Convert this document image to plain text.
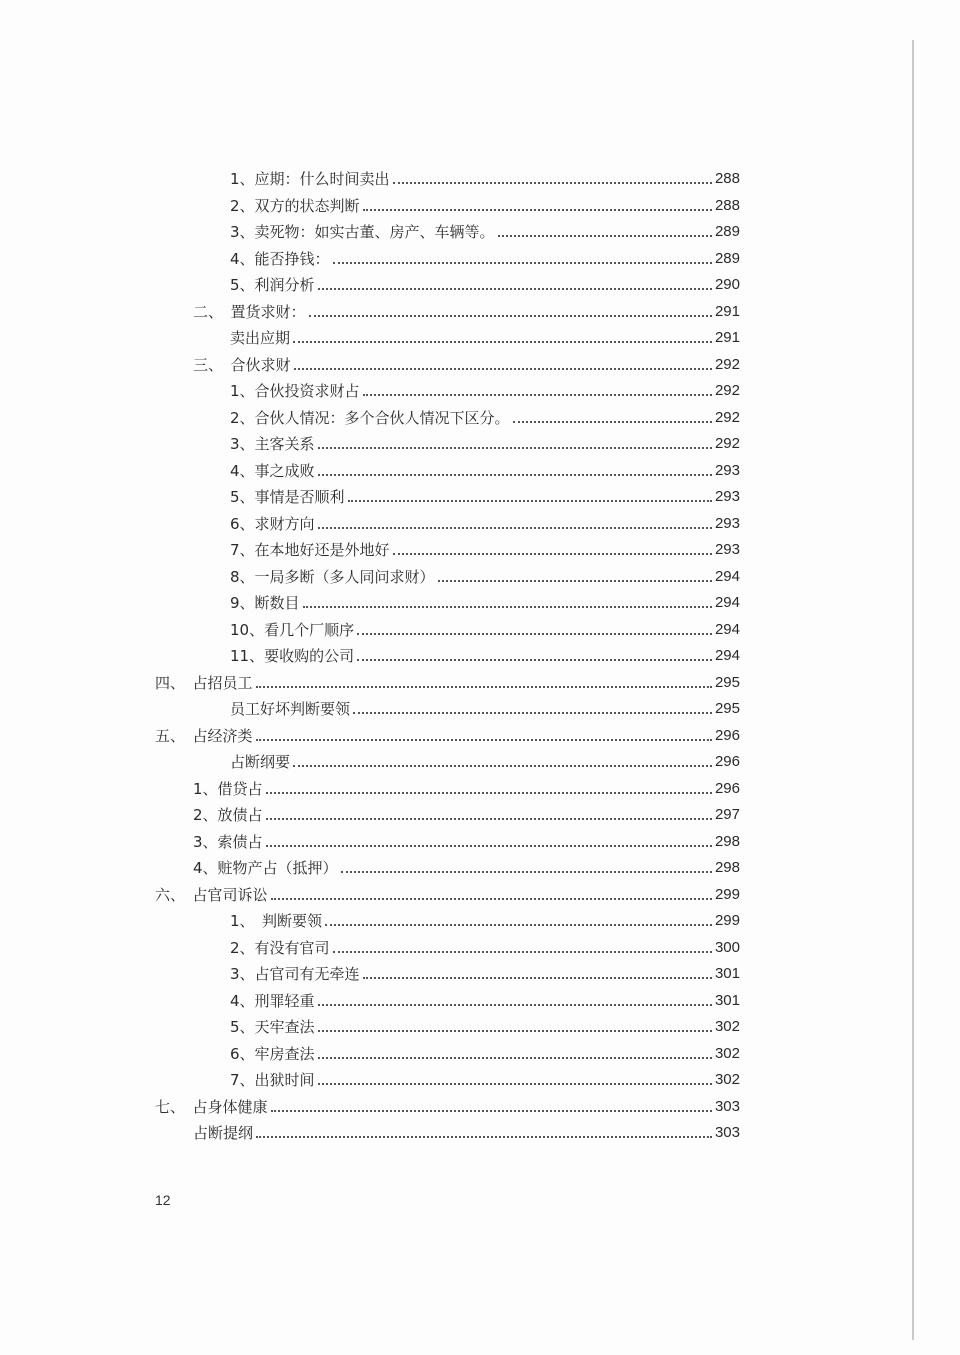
1、应期：什么时间卖出	288
2、双方的状态判断	288
3、卖死物：如实古董、房产、车辆等。	289
4、能否挣钱：	289
5、利润分析	290
二、　置货求财：	291
卖出应期	291
三、　合伙求财	292
1、合伙投资求财占	292
2、合伙人情况：多个合伙人情况下区分。	292
3、主客关系	292
4、事之成败	293
5、事情是否顺利	293
6、求财方向	293
7、在本地好还是外地好	293
8、一局多断（多人同问求财）	294
9、断数目	294
10、看几个厂顺序	294
11、要收购的公司	294
四、　占招员工	295
员工好坏判断要领	295
五、　占经济类	296
占断纲要	296
1、借贷占	296
2、放债占	297
3、索债占	298
4、赃物产占（抵押）	298
六、　占官司诉讼	299
1、　判断要领	299
2、有没有官司	300
3、占官司有无牵连	301
4、刑罪轻重	301
5、天牢查法	302
6、牢房查法	302
7、出狱时间	302
七、　占身体健康	303
占断提纲	303
12
